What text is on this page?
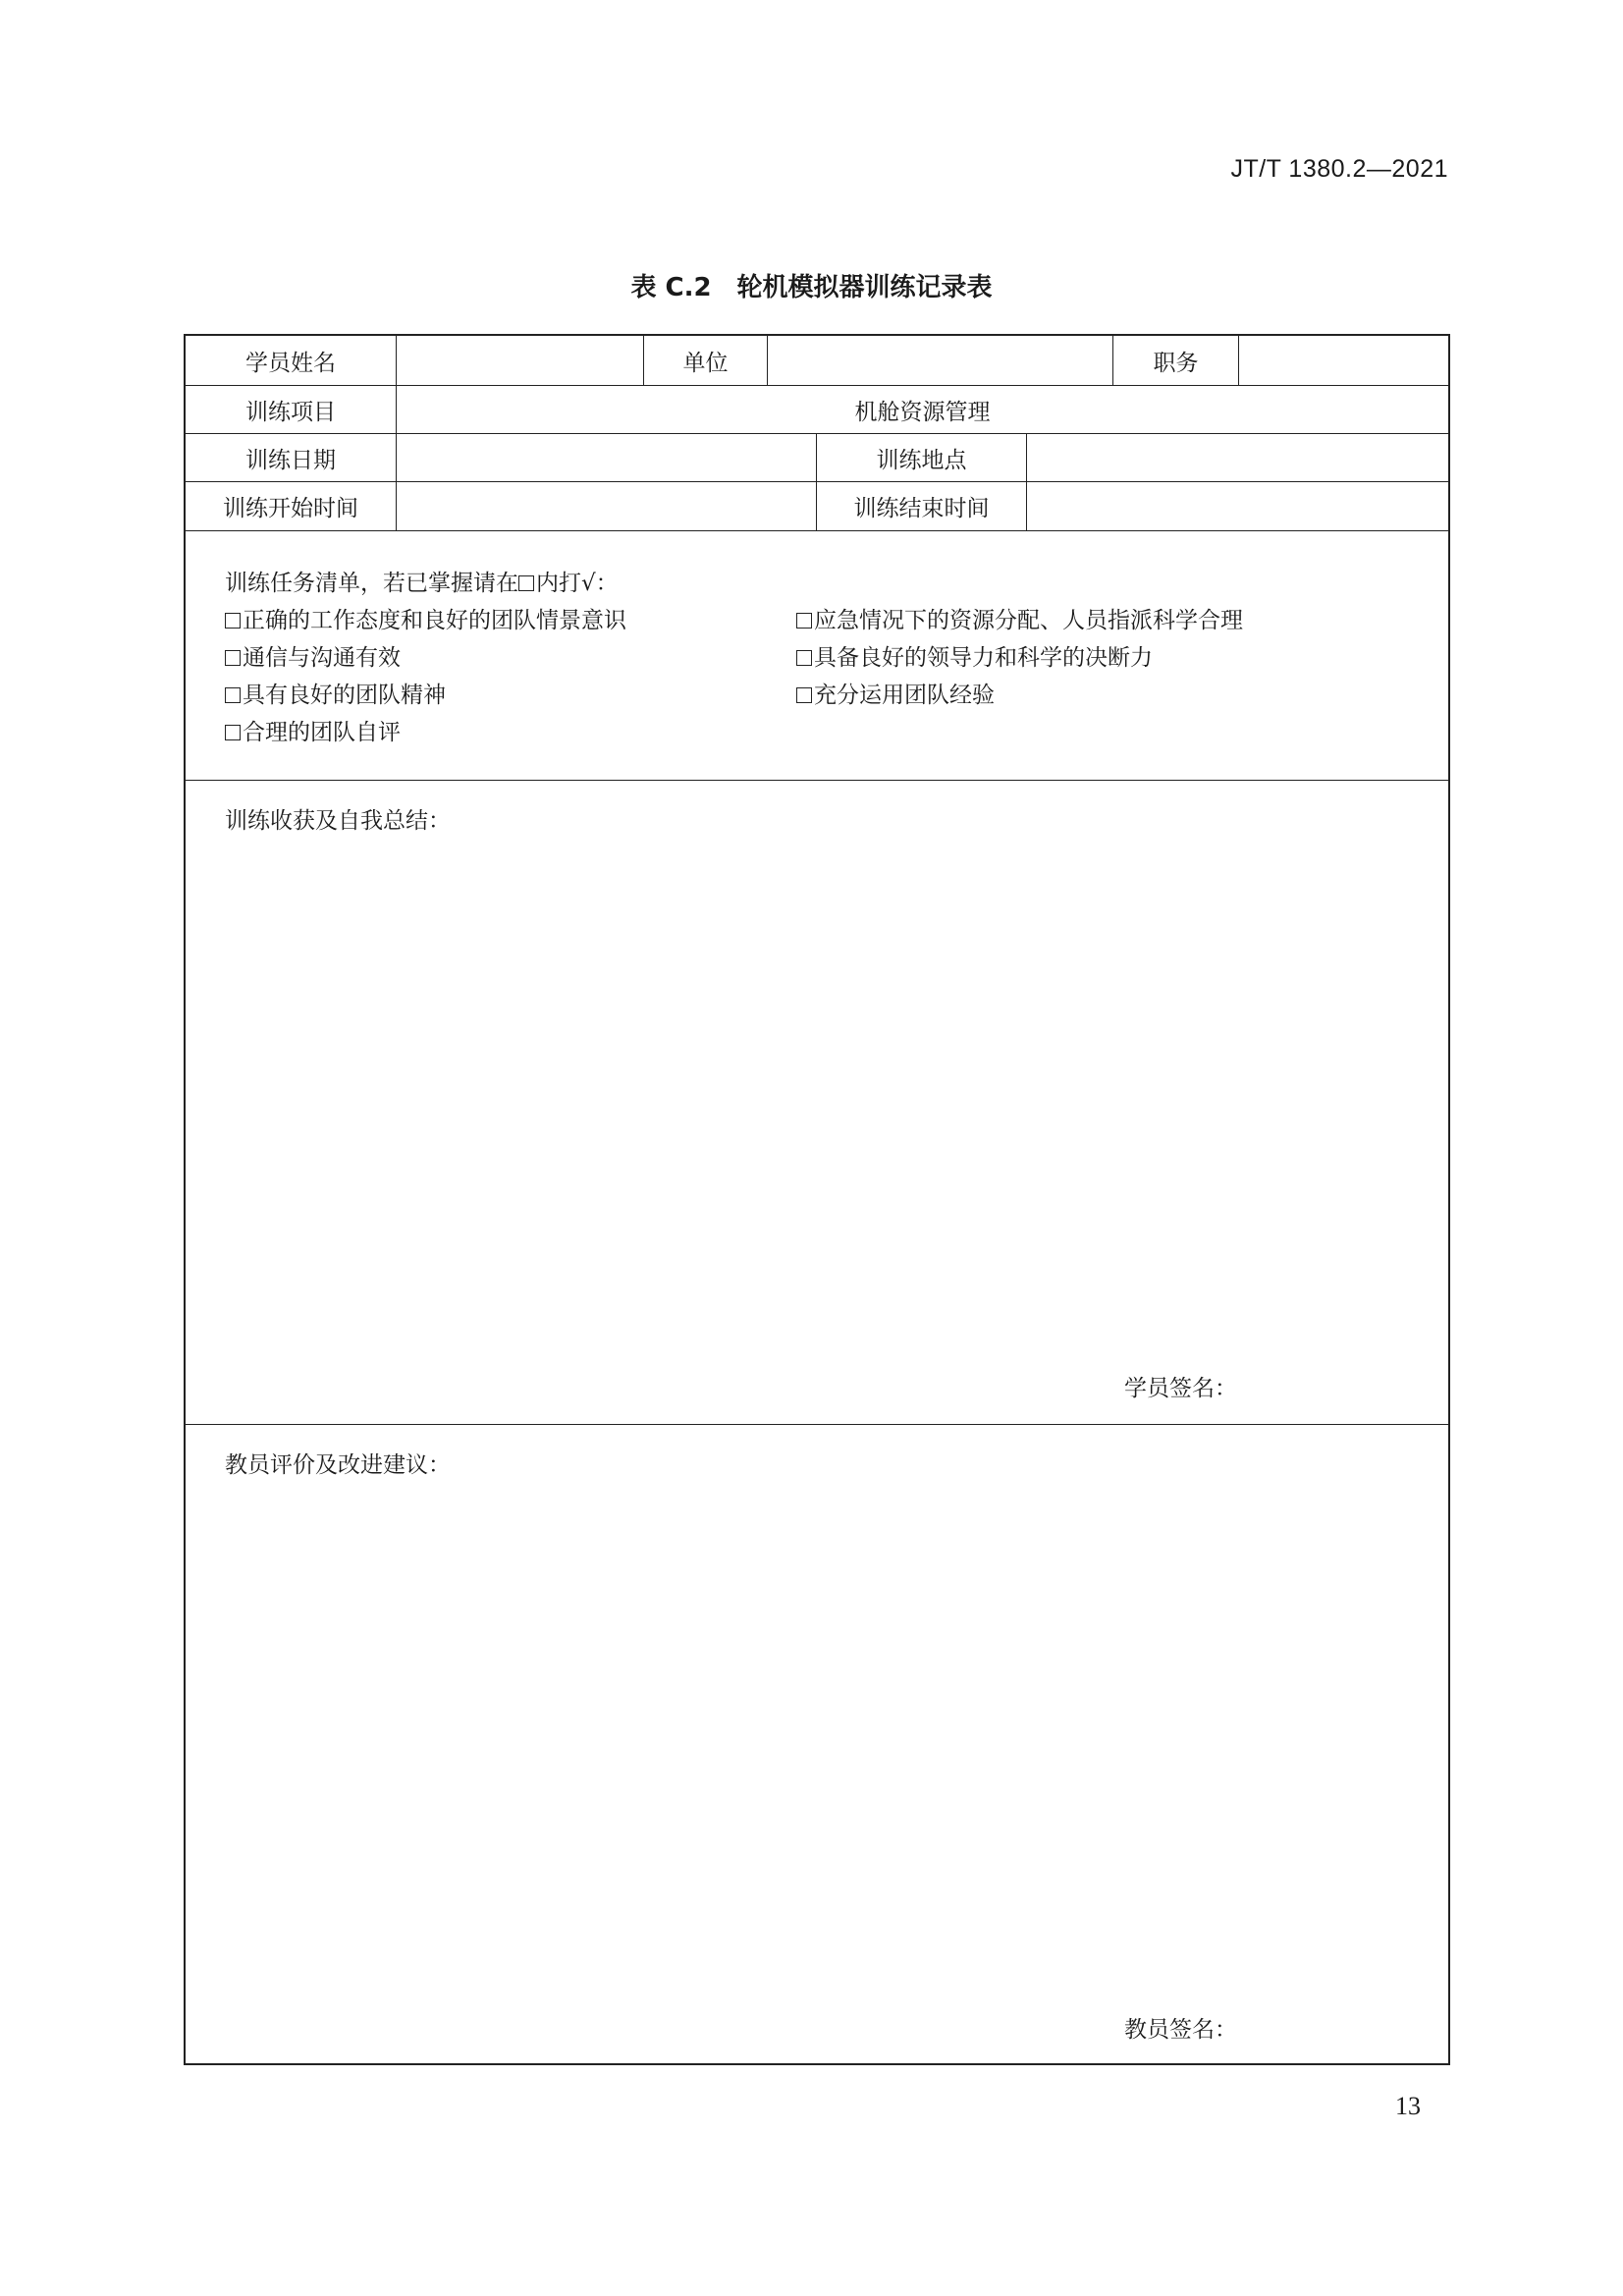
JT/T 1380.2—2021
表 C.2　轮机模拟器训练记录表
学员姓名	单位	职务
训练项目	机舱资源管理
训练日期	训练地点
训练开始时间	训练结束时间
训练任务清单，若已掌握请在 内打√：
正确的工作态度和良好的团队情景意识	应急情况下的资源分配、人员指派科学合理
通信与沟通有效	具备良好的领导力和科学的决断力
具有良好的团队精神	充分运用团队经验
合理的团队自评
训练收获及自我总结：
学员签名：
教员评价及改进建议：
教员签名：
13
